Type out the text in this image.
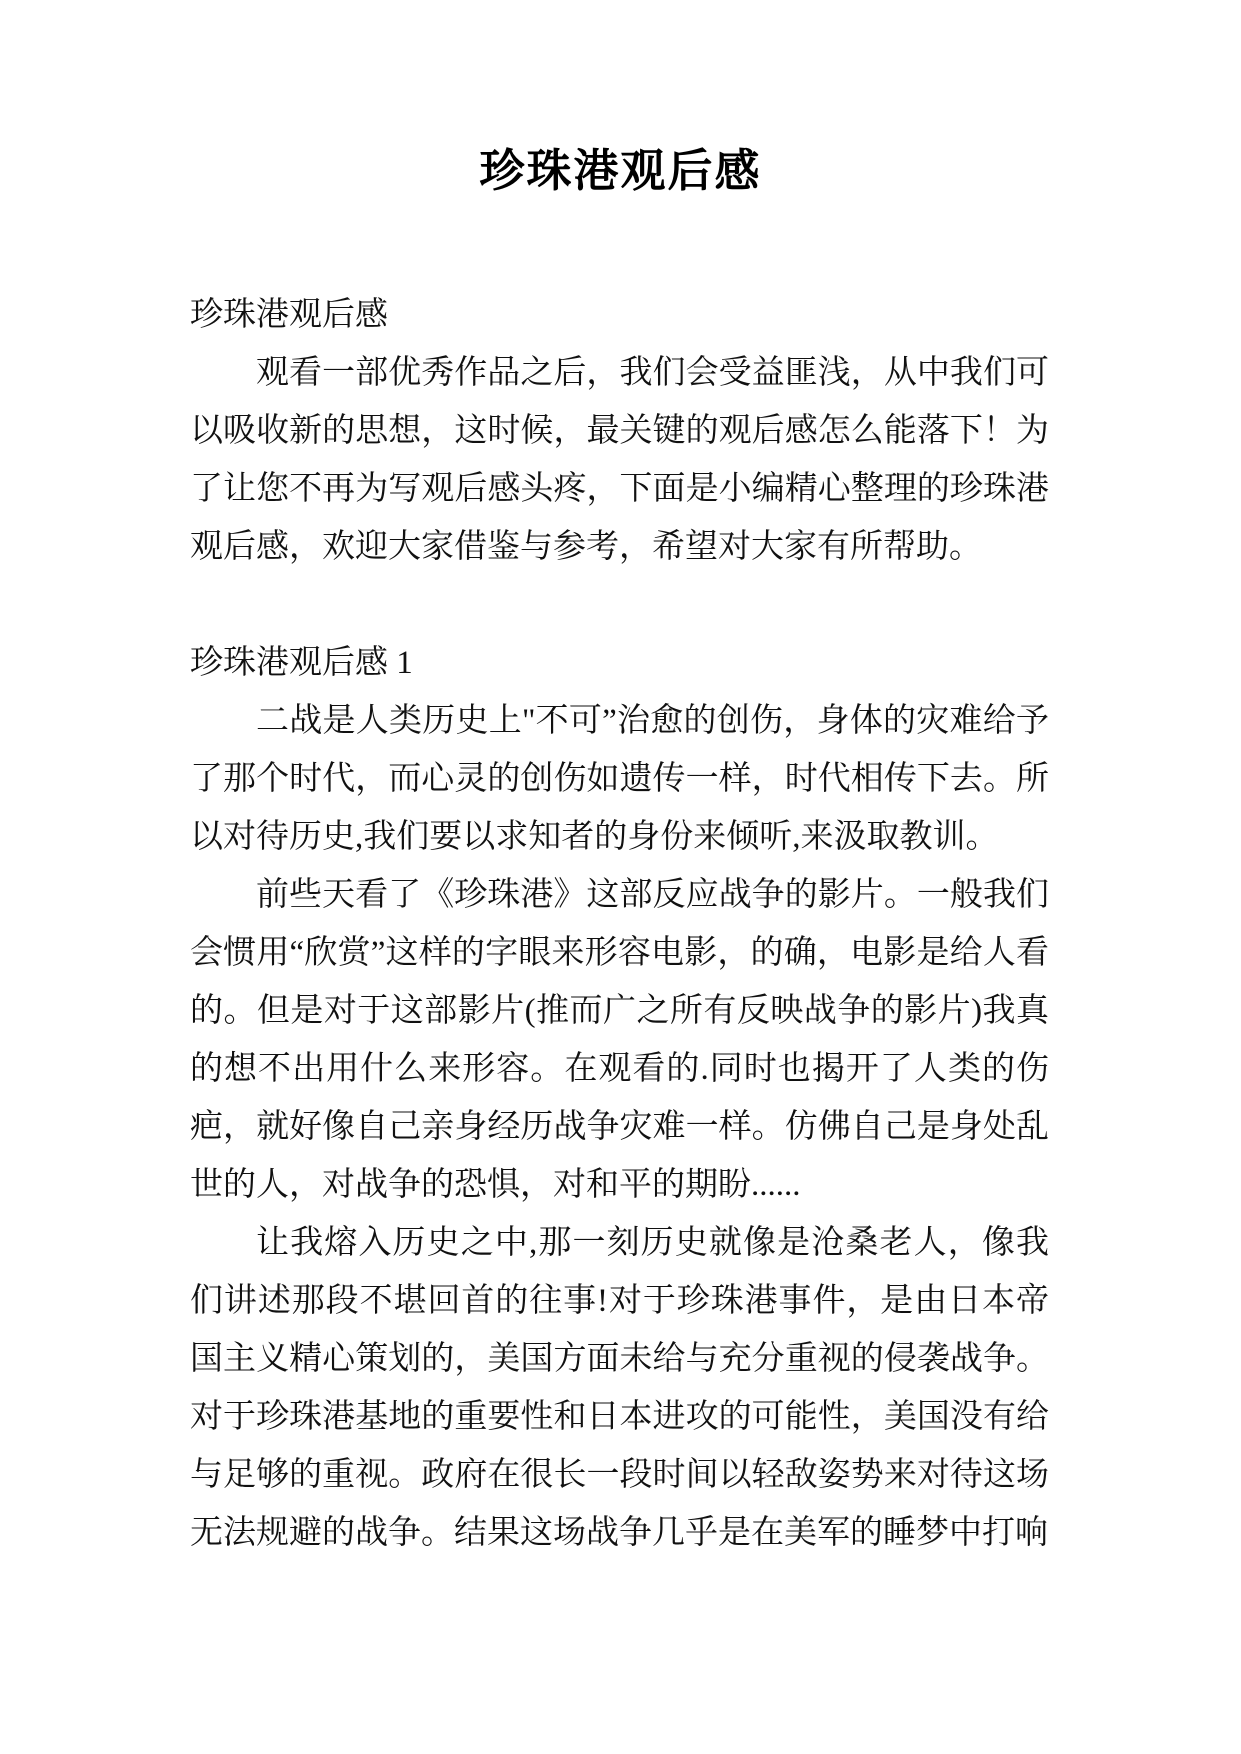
珍珠港观后感

珍珠港观后感

观看一部优秀作品之后，我们会受益匪浅，从中我们可以吸收新的思想，这时候，最关键的观后感怎么能落下！为了让您不再为写观后感头疼，下面是小编精心整理的珍珠港观后感，欢迎大家借鉴与参考，希望对大家有所帮助。

珍珠港观后感 1

二战是人类历史上"不可”治愈的创伤，身体的灾难给予了那个时代，而心灵的创伤如遗传一样，时代相传下去。所以对待历史,我们要以求知者的身份来倾听,来汲取教训。

前些天看了《珍珠港》这部反应战争的影片。一般我们会惯用“欣赏”这样的字眼来形容电影，的确，电影是给人看的。但是对于这部影片(推而广之所有反映战争的影片)我真的想不出用什么来形容。在观看的.同时也揭开了人类的伤疤，就好像自己亲身经历战争灾难一样。仿佛自己是身处乱世的人，对战争的恐惧，对和平的期盼......

让我熔入历史之中,那一刻历史就像是沧桑老人，像我们讲述那段不堪回首的往事!对于珍珠港事件，是由日本帝国主义精心策划的，美国方面未给与充分重视的侵袭战争。对于珍珠港基地的重要性和日本进攻的可能性，美国没有给与足够的重视。政府在很长一段时间以轻敌姿势来对待这场无法规避的战争。结果这场战争几乎是在美军的睡梦中打响
